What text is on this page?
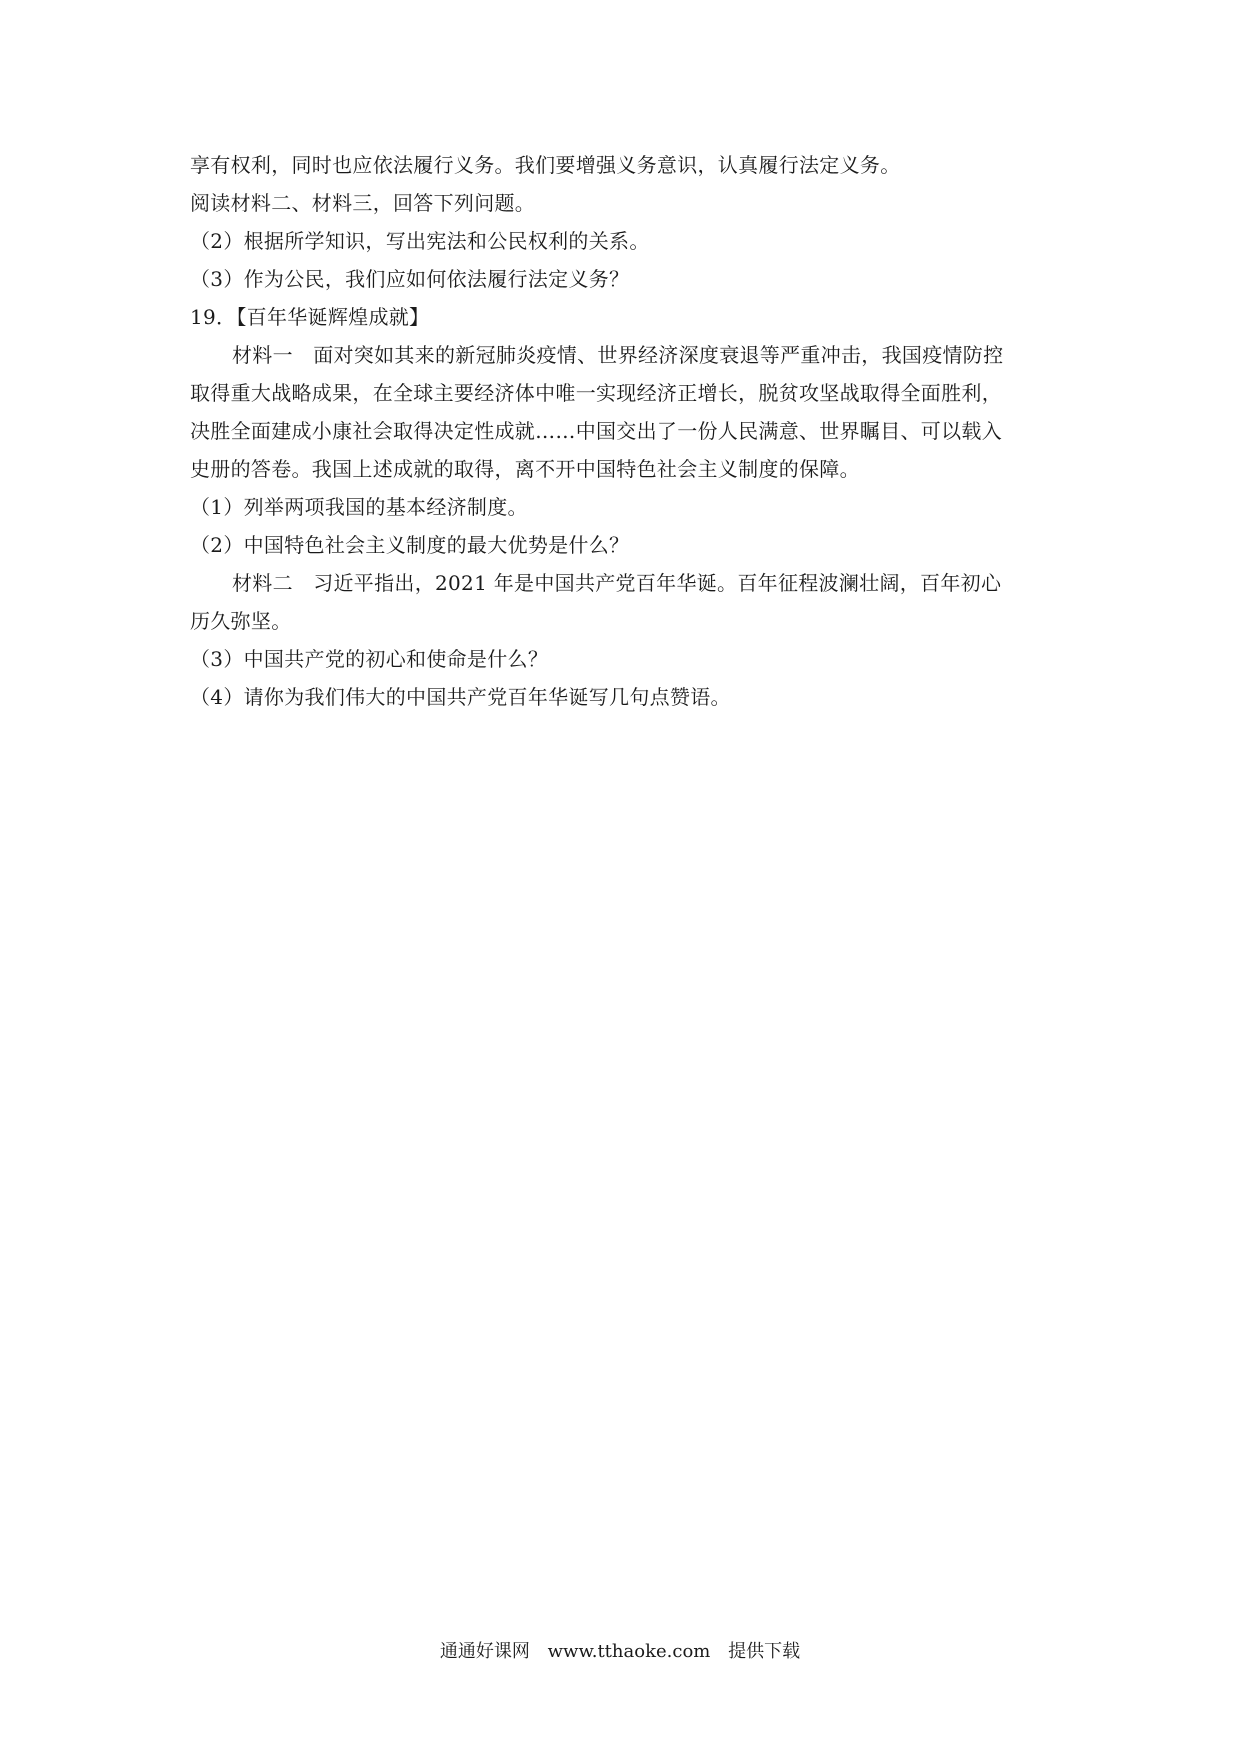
享有权利，同时也应依法履行义务。我们要增强义务意识，认真履行法定义务。
阅读材料二、材料三，回答下列问题。
（2）根据所学知识，写出宪法和公民权利的关系。
（3）作为公民，我们应如何依法履行法定义务？
19．【百年华诞辉煌成就】
材料一　面对突如其来的新冠肺炎疫情、世界经济深度衰退等严重冲击，我国疫情防控
取得重大战略成果，在全球主要经济体中唯一实现经济正增长，脱贫攻坚战取得全面胜利，
决胜全面建成小康社会取得决定性成就……中国交出了一份人民满意、世界瞩目、可以载入
史册的答卷。我国上述成就的取得，离不开中国特色社会主义制度的保障。
（1）列举两项我国的基本经济制度。
（2）中国特色社会主义制度的最大优势是什么？
材料二　习近平指出，2021 年是中国共产党百年华诞。百年征程波澜壮阔，百年初心
历久弥坚。
（3）中国共产党的初心和使命是什么？
（4）请你为我们伟大的中国共产党百年华诞写几句点赞语。
通通好课网 www.tthaoke.com 提供下载
